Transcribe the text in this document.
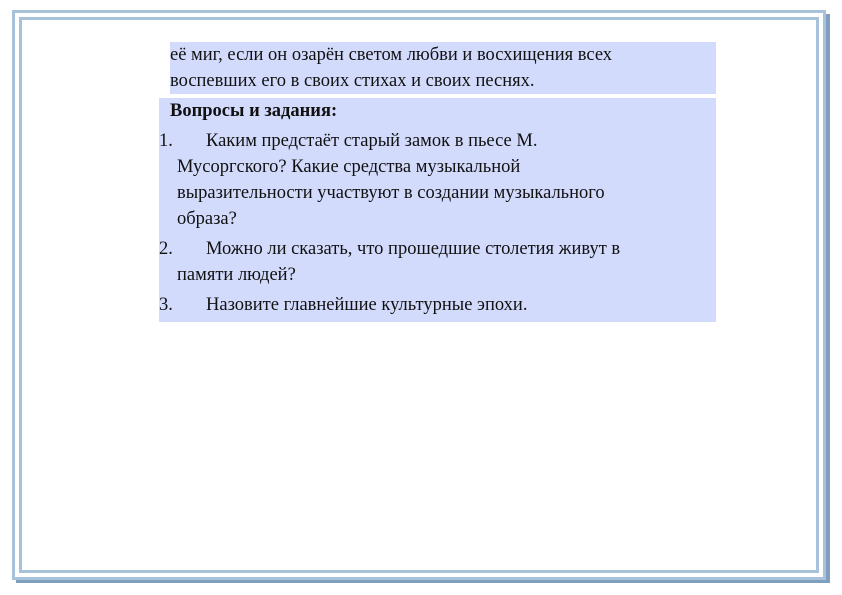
её миг, если он озарён светом любви и восхищения всех
воспевших его в своих стихах и своих песнях.
Вопросы и задания:
1.	Каким предстаёт старый замок в пьесе М.
Мусоргского? Какие средства музыкальной
выразительности участвуют в создании музыкального
образа?
2.	Можно ли сказать, что прошедшие столетия живут в
памяти людей?
3.	Назовите главнейшие культурные эпохи.
